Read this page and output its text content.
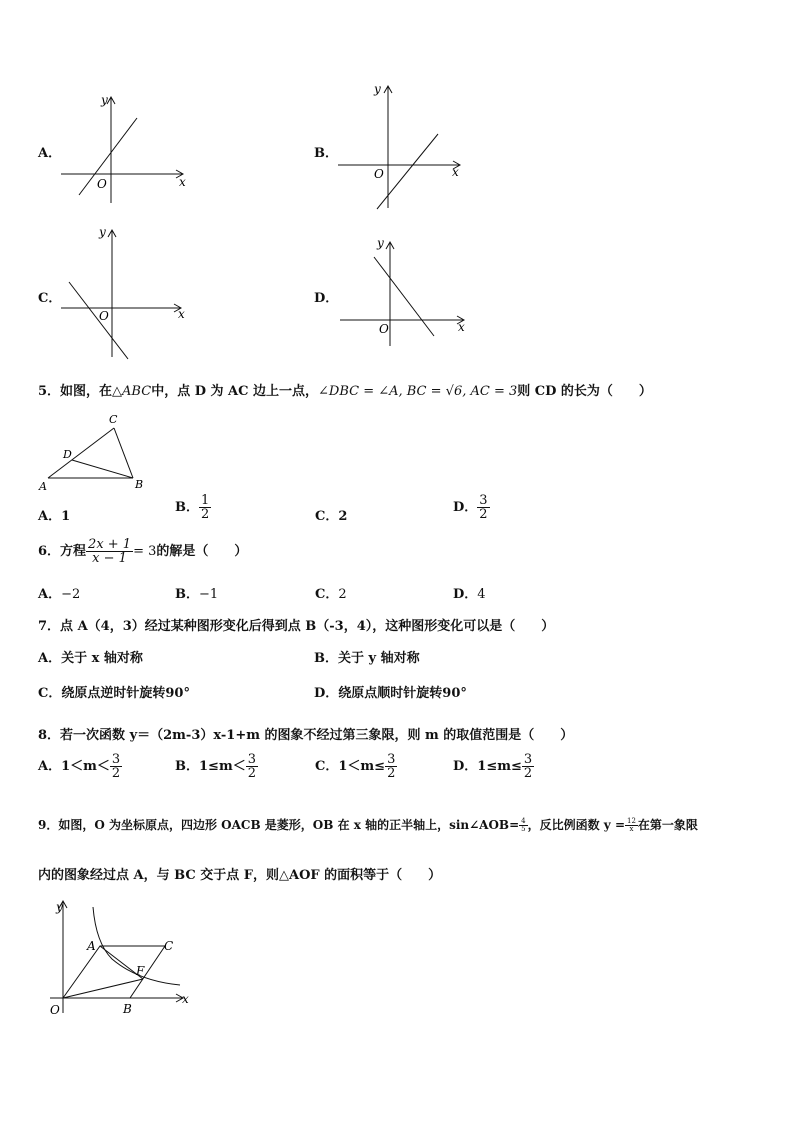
A．
x
y
O
B．
x
y
O
C．
x
y
O
D．
x
y
O
5．如图，在△ABC中，点 D 为 AC 边上一点，∠DBC = ∠A, BC = √6, AC = 3则 CD 的长为（　　）
C
D
A	B
A．1
B． $\frac{1}{2}$	C．2
D． $\frac{3}{2}$
6．方程 $\frac{2x + 1}{x - 1} = 3$的解是（　　）
A．−2	B．−1	C．2	D．4
7．点 A（4，3）经过某种图形变化后得到点 B（-3，4），这种图形变化可以是（　　）
A．关于 x 轴对称	B．关于 y 轴对称
C．绕原点逆时针旋转90°	D．绕原点顺时针旋转90°
8．若一次函数 y＝（2m-3）x-1+m 的图象不经过第三象限，则 m 的取值范围是（　　）
A．$1<m< \frac{3}{2}$	B．$1\le m< \frac{3}{2}$	C．$1<m\le \frac{3}{2}$	D．$1\le m\le \frac{3}{2}$
9．如图，O 为坐标原点，四边形 OACB 是菱形，OB 在 x 轴的正半轴上，sin∠AOB= $\frac{4}{5}$ ，反比例函数 $y = \frac{12}{x}$ 在第一象限
内的图象经过点 A，与 BC 交于点 F，则△AOF 的面积等于（　　）
y
x
O
A	C
F
B
